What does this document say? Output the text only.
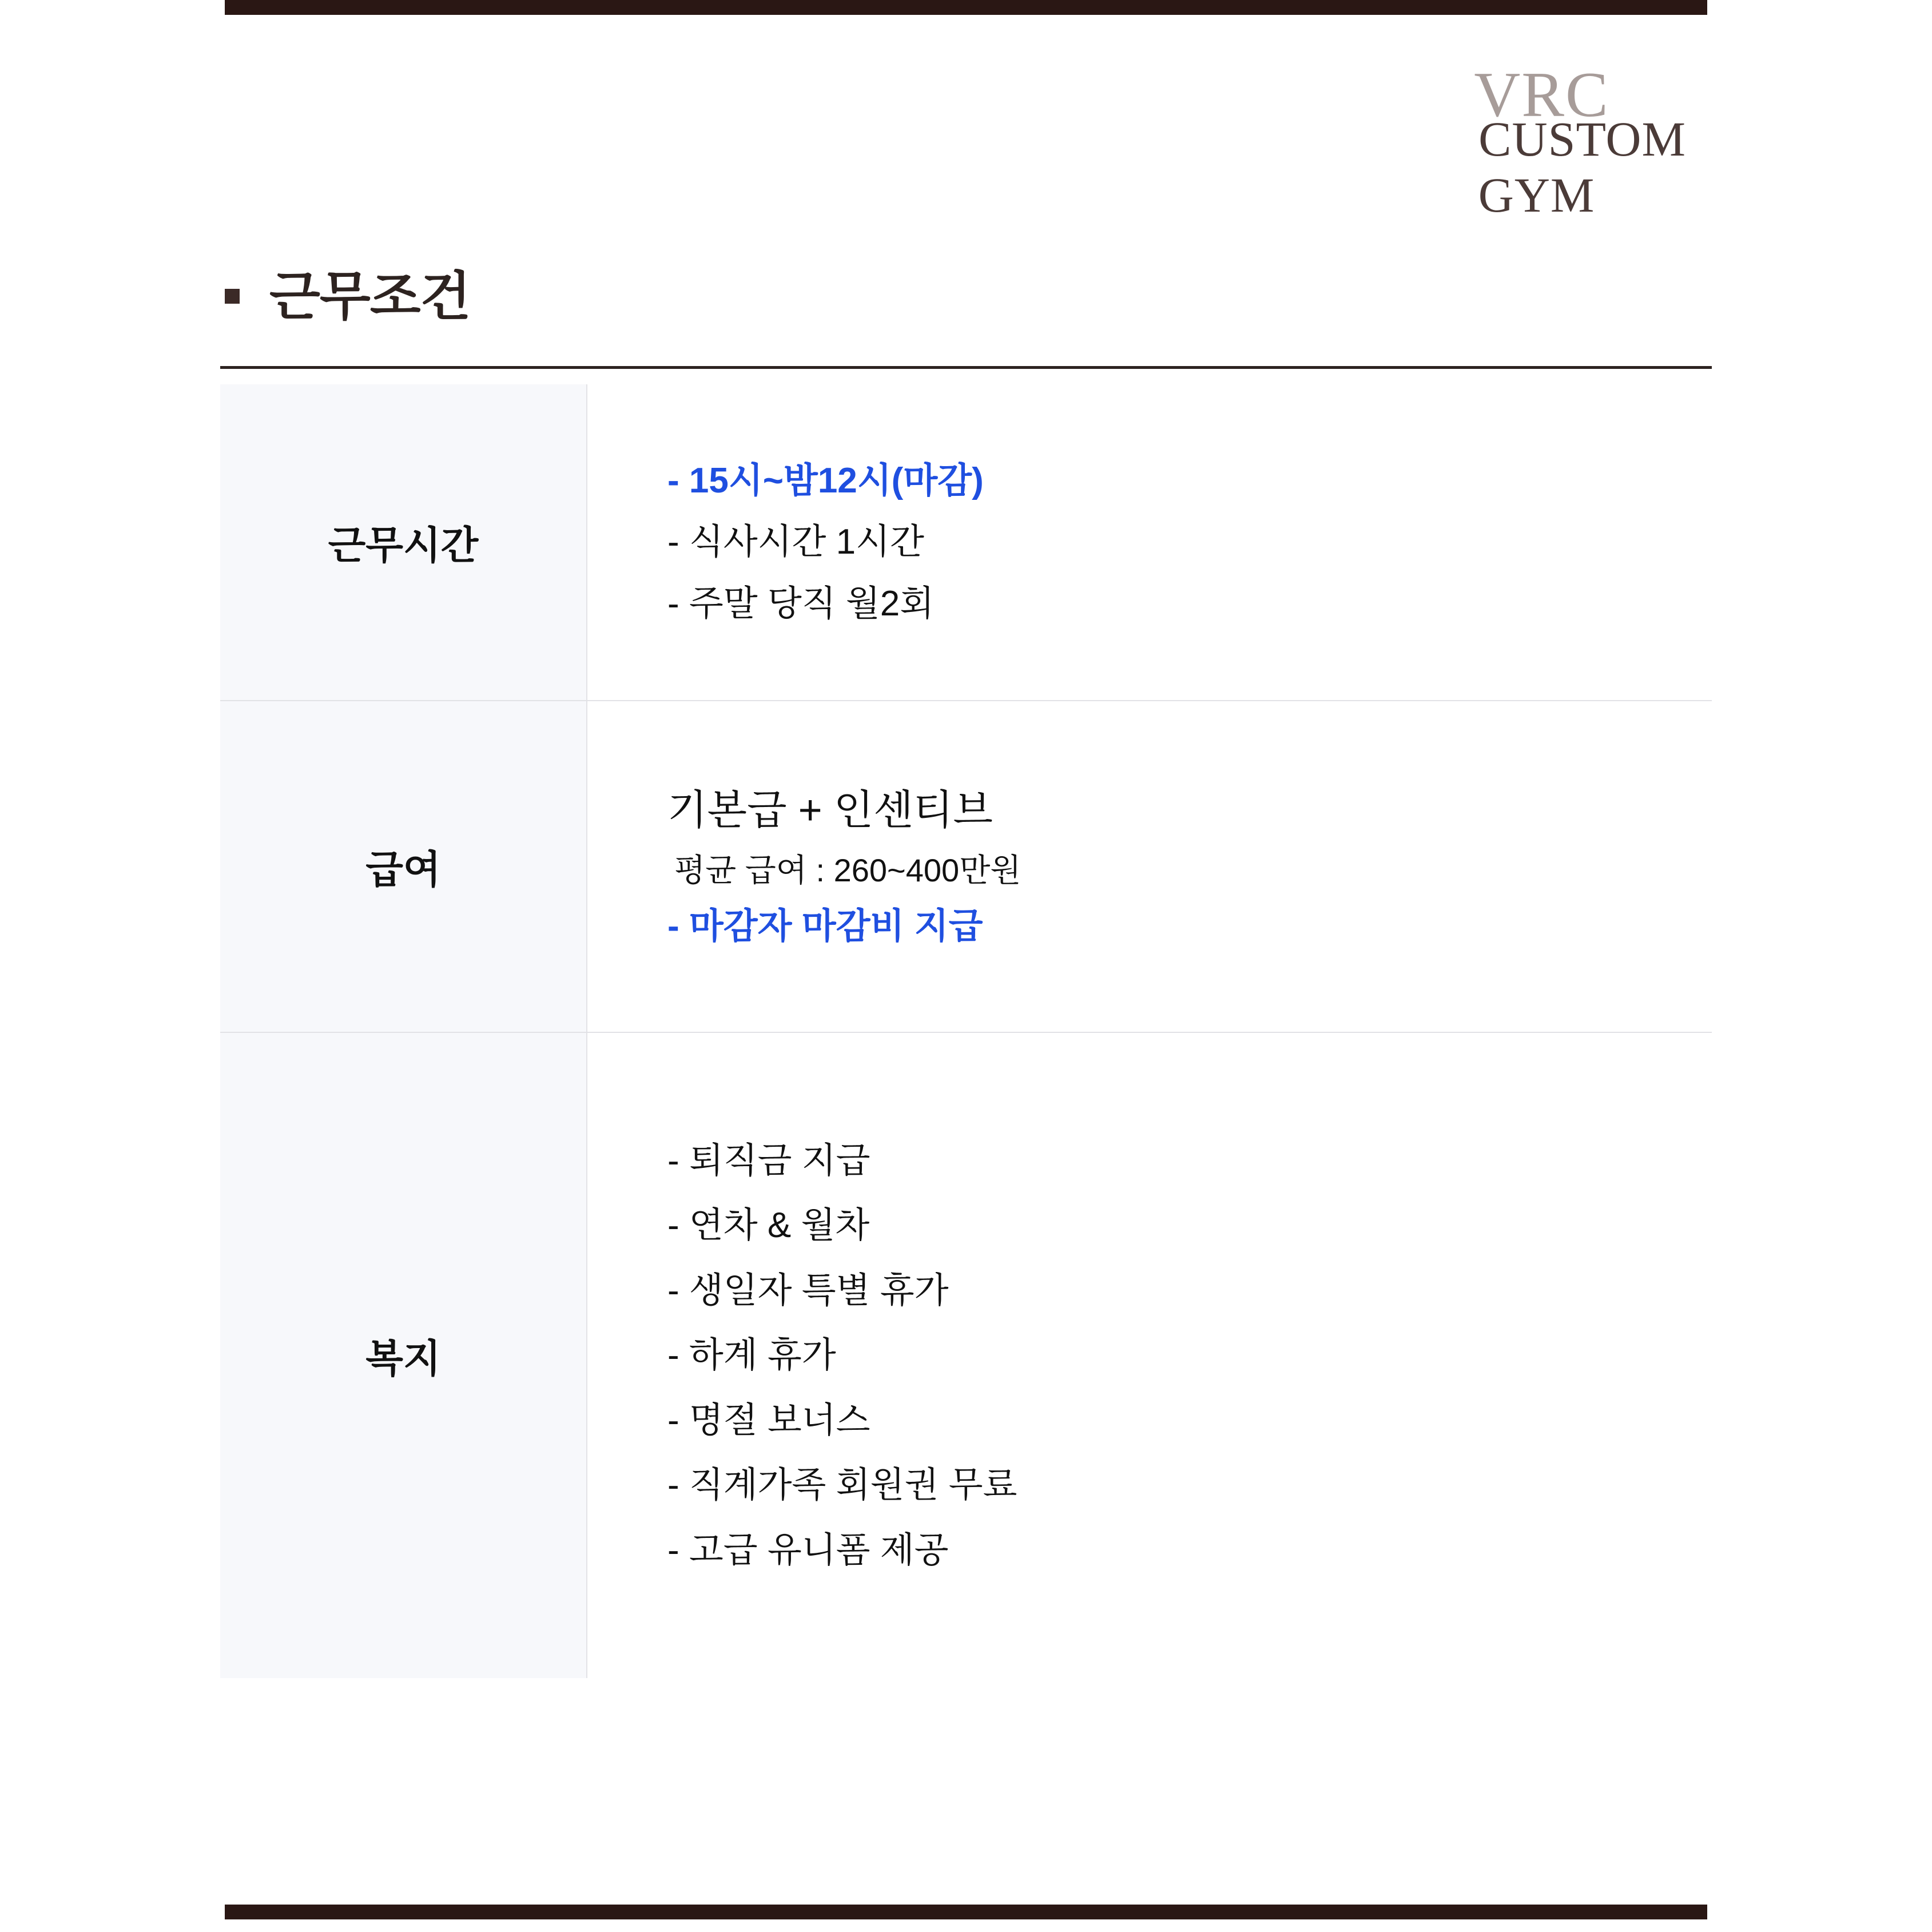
VRC
CUSTOM
GYM
근무조건
근무시간
- 15시~밤12시(마감)
- 식사시간 1시간
- 주말 당직 월2회
급여
기본급 + 인센티브
평균 급여 : 260~400만원
- 마감자 마감비 지급
복지
- 퇴직금 지급
- 연차 & 월차
- 생일자 특별 휴가
- 하계 휴가
- 명절 보너스
- 직계가족 회원권 무료
- 고급 유니폼 제공
